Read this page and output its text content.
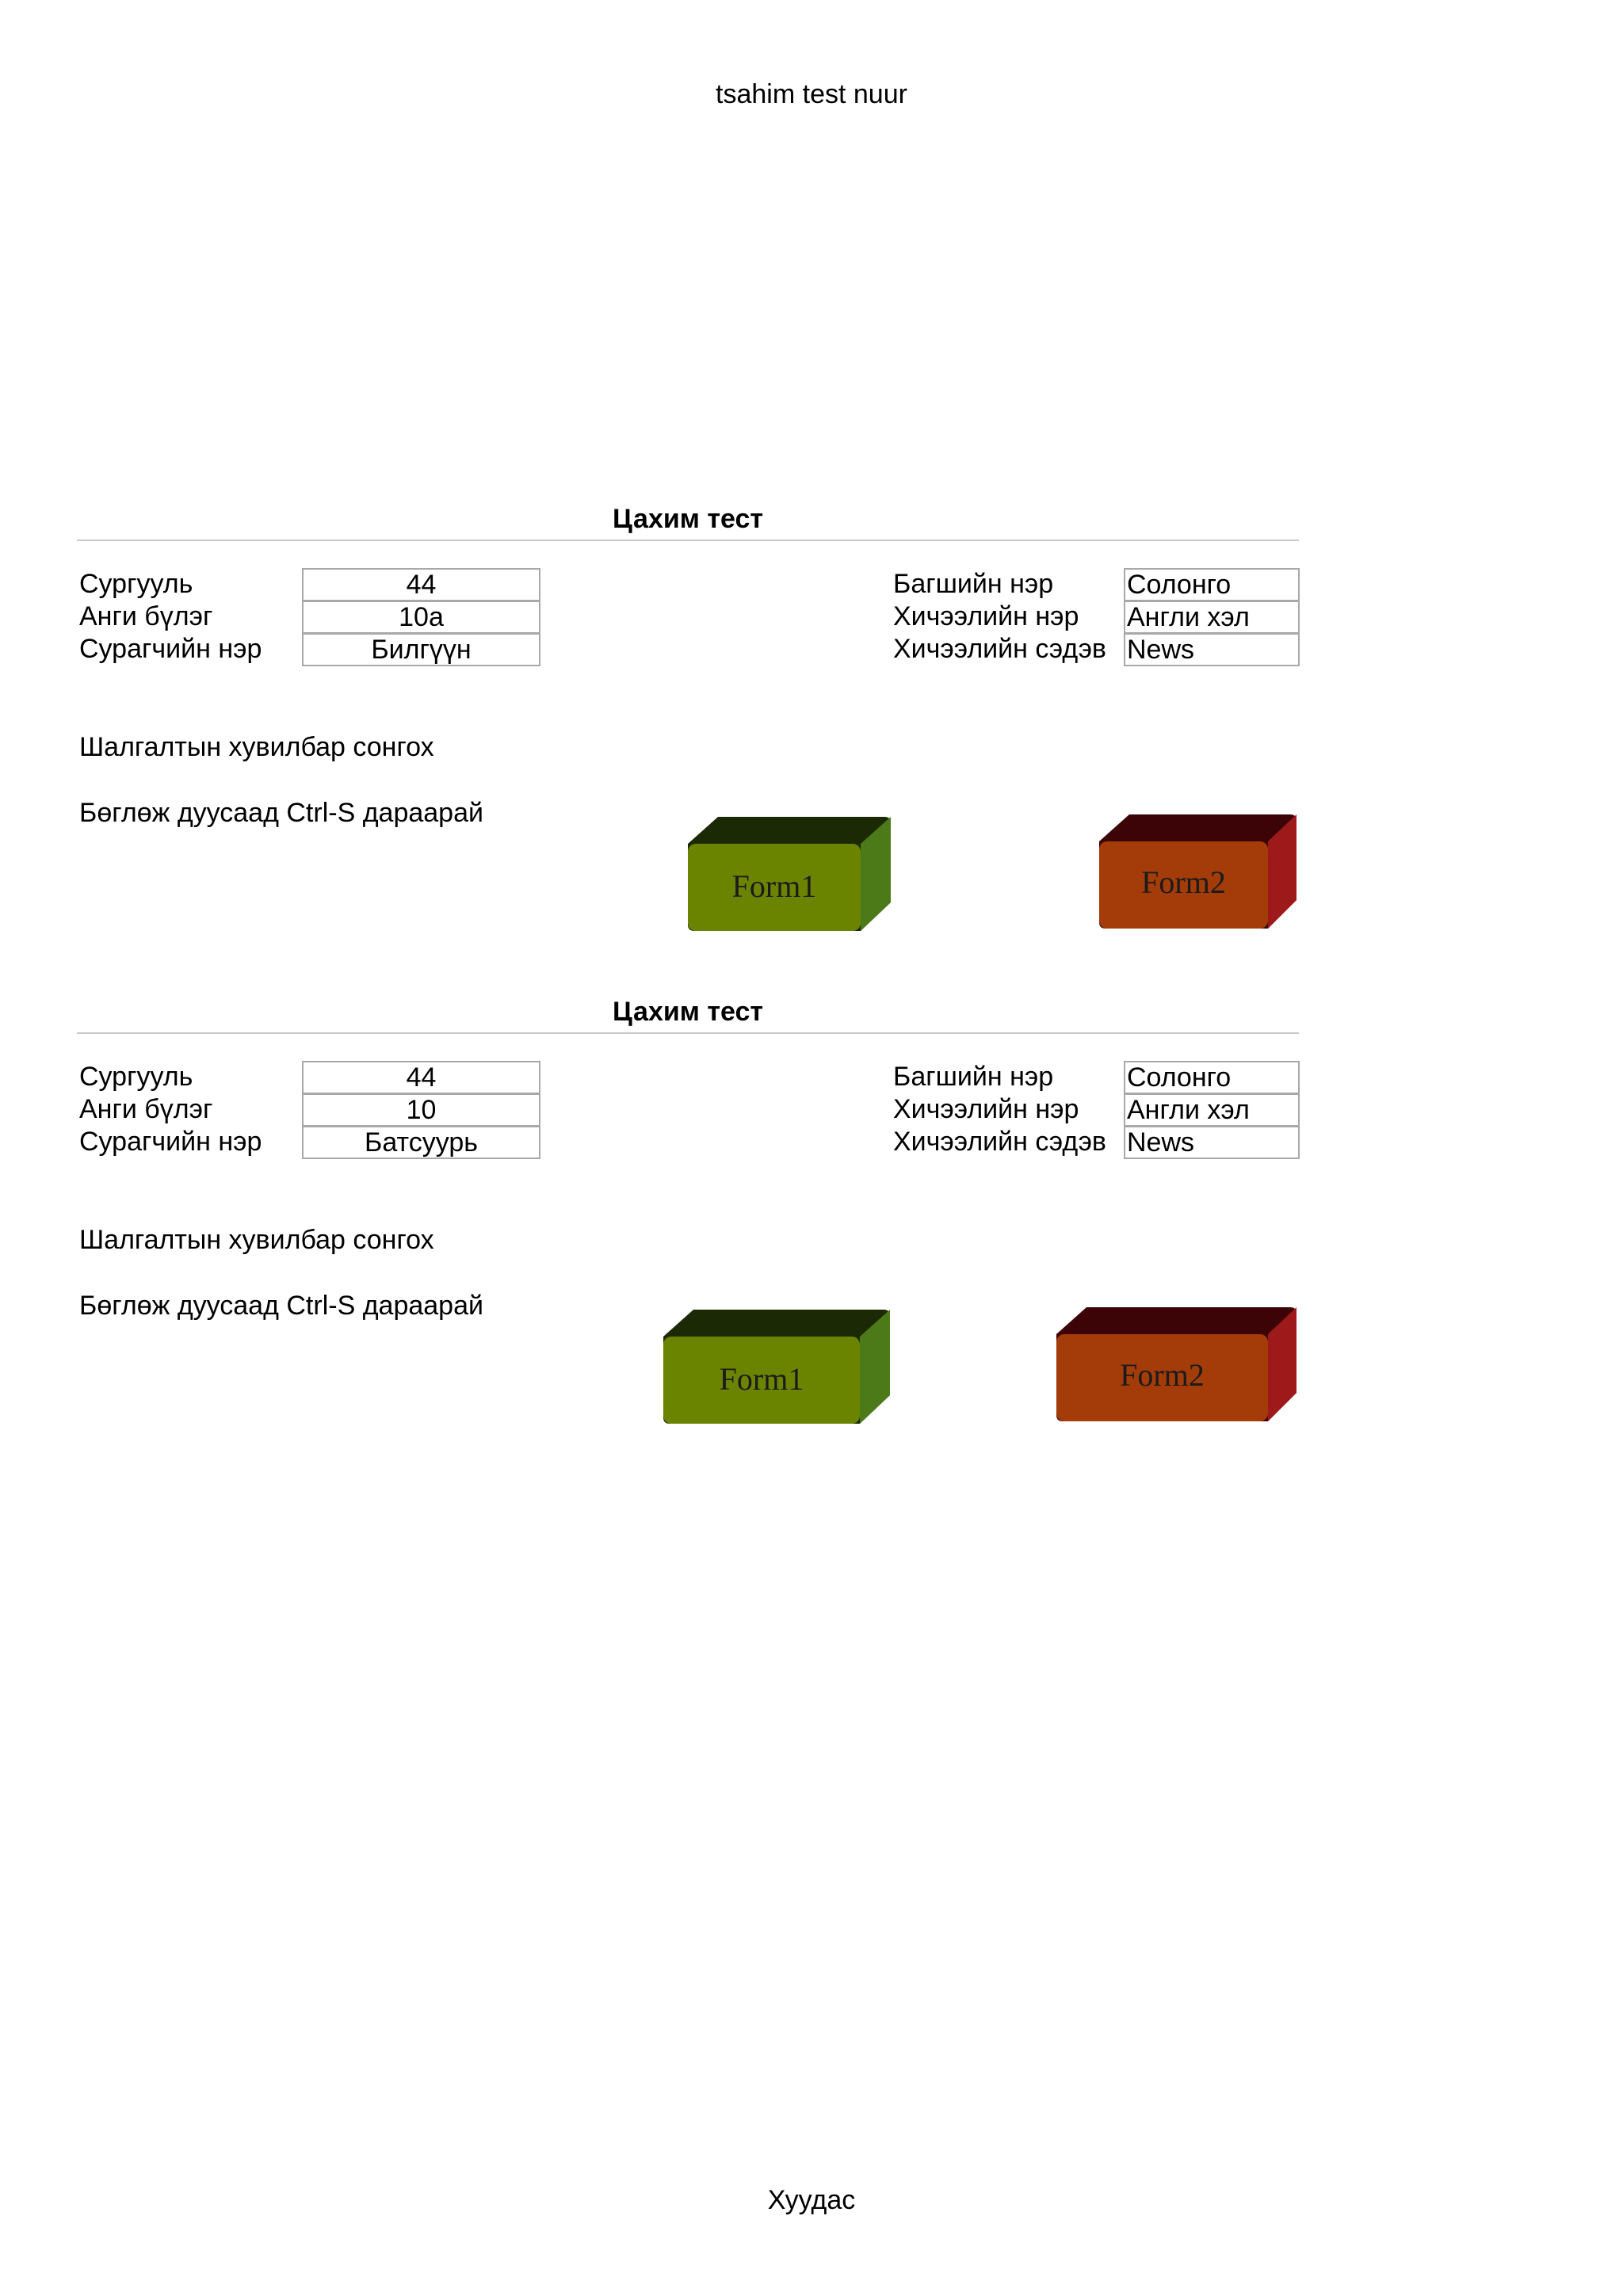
tsahim test nuur
Цахим тест
Сургууль
Анги бүлэг
Сурагчийн нэр
44
10a
Билгүүн
Багшийн нэр
Хичээлийн нэр
Хичээлийн сэдэв
Солонго
Англи хэл
News
Шалгалтын хувилбар сонгох
Бөглөж дуусаад Ctrl-S дараарай
Form1	Form2
Цахим тест
Сургууль
Анги бүлэг
Сурагчийн нэр
44
10
Батсуурь
Багшийн нэр
Хичээлийн нэр
Хичээлийн сэдэв
Солонго
Англи хэл
News
Шалгалтын хувилбар сонгох
Бөглөж дуусаад Ctrl-S дараарай
Form1	Form2
Хуудас
